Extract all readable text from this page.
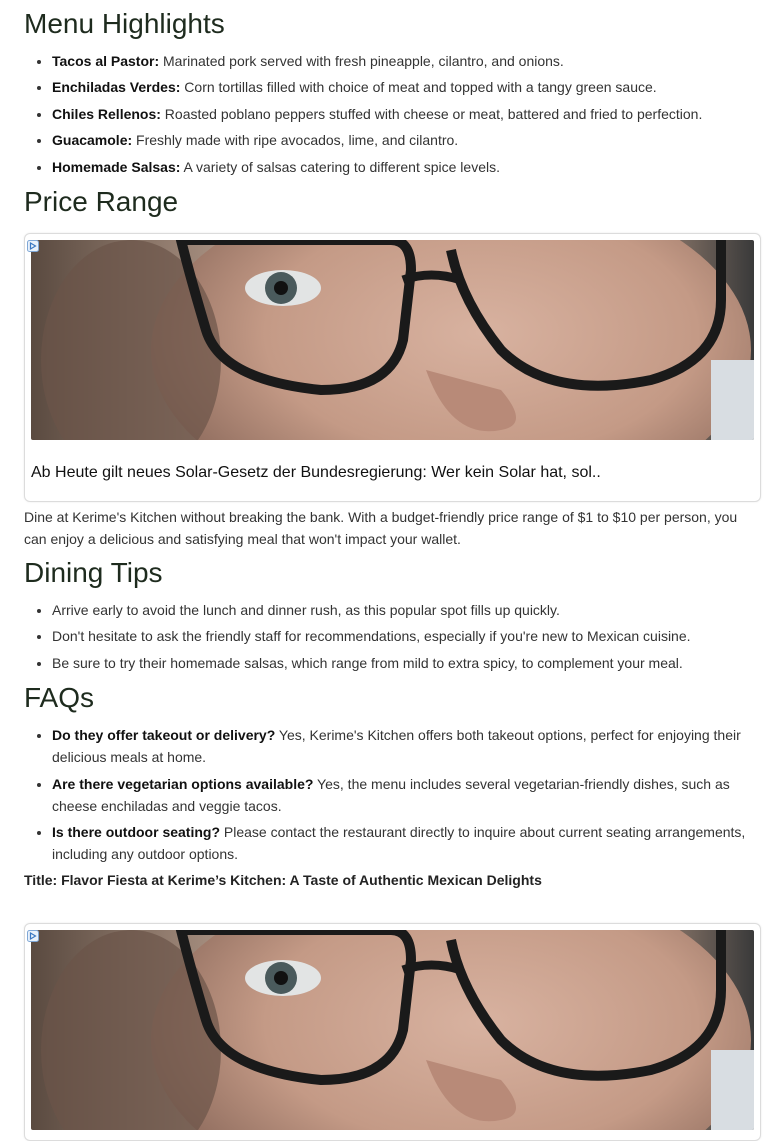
Menu Highlights
• Tacos al Pastor: Marinated pork served with fresh pineapple, cilantro, and onions.
• Enchiladas Verdes: Corn tortillas filled with choice of meat and topped with a tangy green sauce.
• Chiles Rellenos: Roasted poblano peppers stuffed with cheese or meat, battered and fried to perfection.
• Guacamole: Freshly made with ripe avocados, lime, and cilantro.
• Homemade Salsas: A variety of salsas catering to different spice levels.
Price Range
Ab Heute gilt neues Solar-Gesetz der Bundesregierung: Wer kein Solar hat, sol..

Dine at Kerime's Kitchen without breaking the bank. With a budget-friendly price range of $1 to $10 per person, you can enjoy a delicious and satisfying meal that won't impact your wallet.

Dining Tips
• Arrive early to avoid the lunch and dinner rush, as this popular spot fills up quickly.
• Don't hesitate to ask the friendly staff for recommendations, especially if you're new to Mexican cuisine.
• Be sure to try their homemade salsas, which range from mild to extra spicy, to complement your meal.
FAQs
• Do they offer takeout or delivery? Yes, Kerime's Kitchen offers both takeout options, perfect for enjoying their delicious meals at home.
• Are there vegetarian options available? Yes, the menu includes several vegetarian-friendly dishes, such as cheese enchiladas and veggie tacos.
• Is there outdoor seating? Please contact the restaurant directly to inquire about current seating arrangements, including any outdoor options.

Title: Flavor Fiesta at Kerime’s Kitchen: A Taste of Authentic Mexican Delights
